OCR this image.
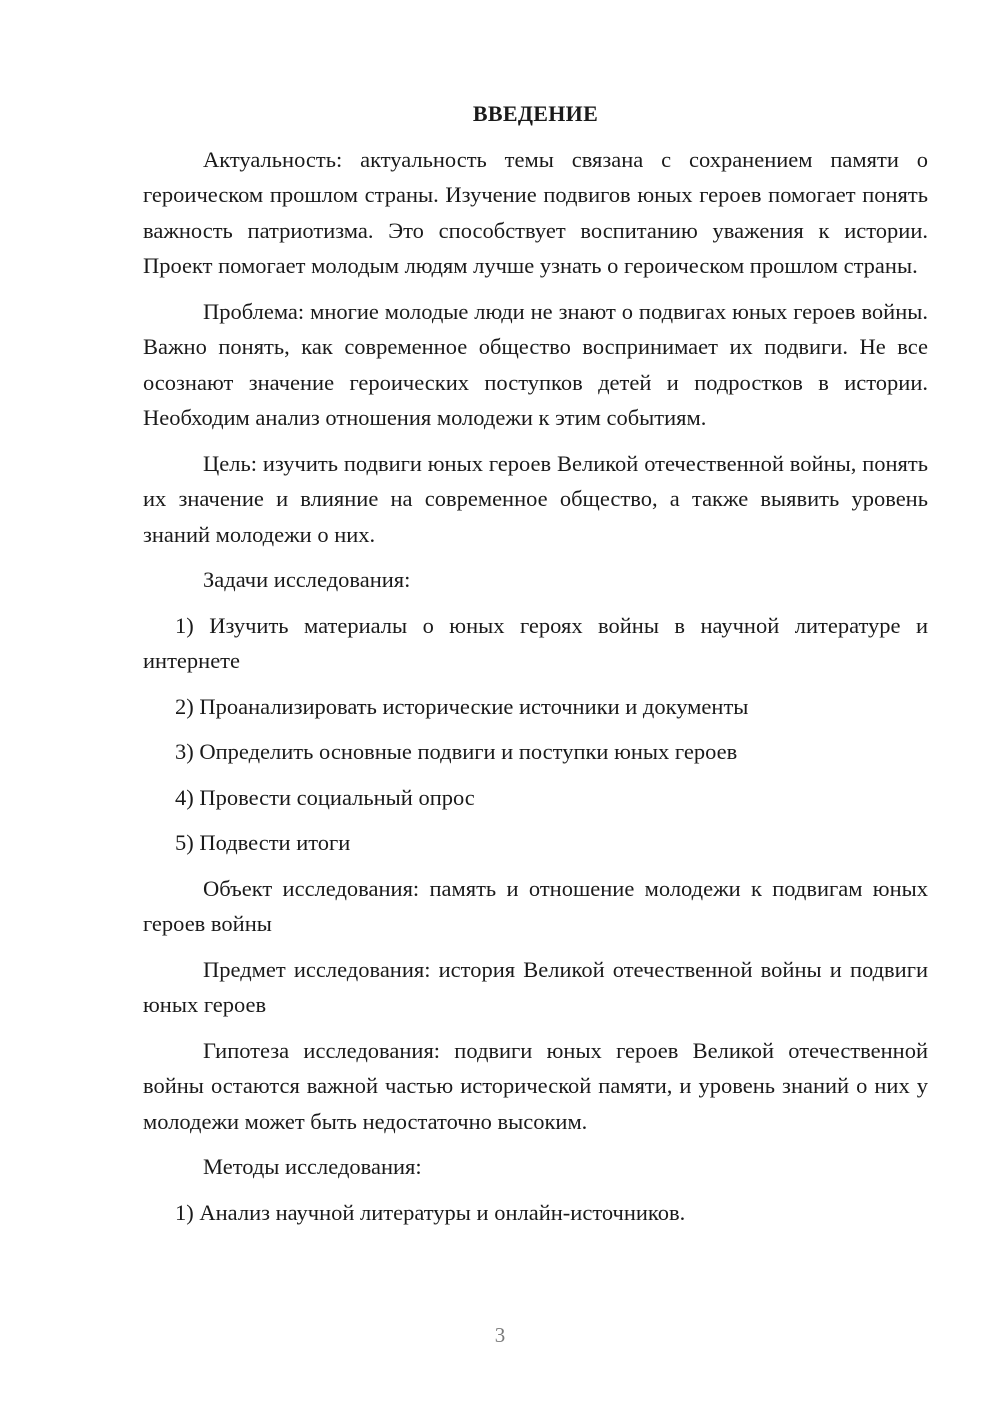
ВВЕДЕНИЕ

Актуальность: актуальность темы связана с сохранением памяти о героическом прошлом страны. Изучение подвигов юных героев помогает понять важность патриотизма. Это способствует воспитанию уважения к истории. Проект помогает молодым людям лучше узнать о героическом прошлом страны.

Проблема: многие молодые люди не знают о подвигах юных героев войны. Важно понять, как современное общество воспринимает их подвиги. Не все осознают значение героических поступков детей и подростков в истории. Необходим анализ отношения молодежи к этим событиям.

Цель: изучить подвиги юных героев Великой отечественной войны, понять их значение и влияние на современное общество, а также выявить уровень знаний молодежи о них.

Задачи исследования:

1) Изучить материалы о юных героях войны в научной литературе и интернете

2) Проанализировать исторические источники и документы

3) Определить основные подвиги и поступки юных героев

4) Провести социальный опрос

5) Подвести итоги

Объект исследования: память и отношение молодежи к подвигам юных героев войны

Предмет исследования: история Великой отечественной войны и подвиги юных героев

Гипотеза исследования: подвиги юных героев Великой отечественной войны остаются важной частью исторической памяти, и уровень знаний о них у молодежи может быть недостаточно высоким.

Методы исследования:

1) Анализ научной литературы и онлайн-источников.

3
